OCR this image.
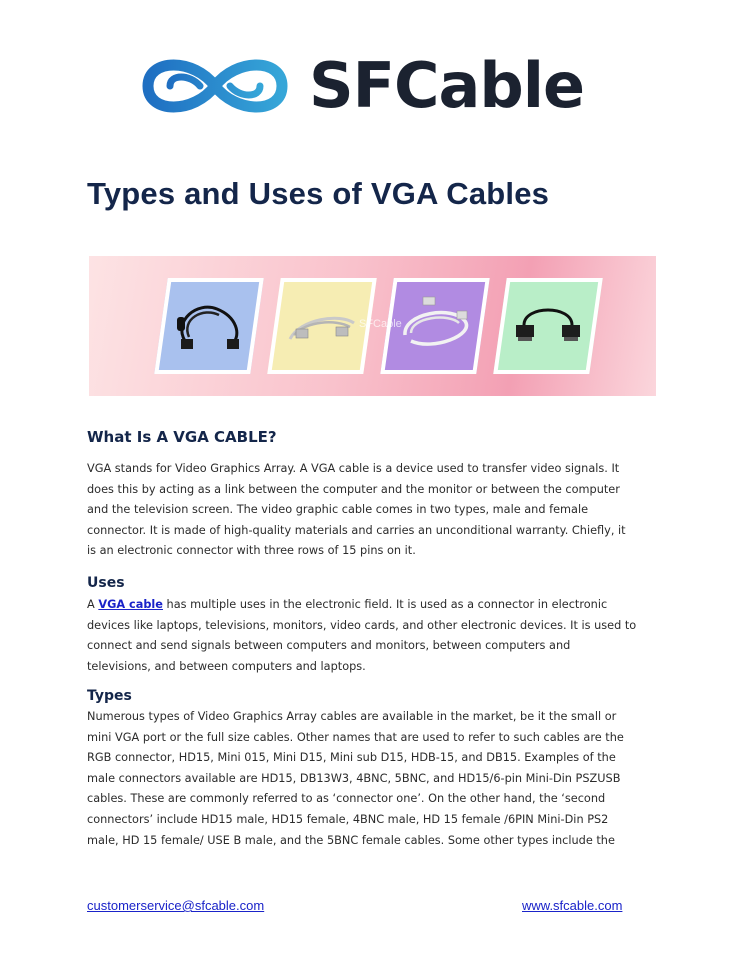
SFCable
Types and Uses of VGA Cables
SFCable
What Is A VGA CABLE?

VGA stands for Video Graphics Array. A VGA cable is a device used to transfer video signals. It
does this by acting as a link between the computer and the monitor or between the computer
and the television screen. The video graphic cable comes in two types, male and female
connector. It is made of high-quality materials and carries an unconditional warranty. Chiefly, it
is an electronic connector with three rows of 15 pins on it.

Uses

A VGA cable has multiple uses in the electronic field. It is used as a connector in electronic
devices like laptops, televisions, monitors, video cards, and other electronic devices. It is used to
connect and send signals between computers and monitors, between computers and
televisions, and between computers and laptops.

Types

Numerous types of Video Graphics Array cables are available in the market, be it the small or
mini VGA port or the full size cables. Other names that are used to refer to such cables are the
RGB connector, HD15, Mini 015, Mini D15, Mini sub D15, HDB-15, and DB15. Examples of the
male connectors available are HD15, DB13W3, 4BNC, 5BNC, and HD15/6-pin Mini-Din PSZUSB
cables. These are commonly referred to as ‘connector one’. On the other hand, the ‘second
connectors’ include HD15 male, HD15 female, 4BNC male, HD 15 female /6PIN Mini-Din PS2
male, HD 15 female/ USE B male, and the 5BNC female cables. Some other types include the

customerservice@sfcable.com	www.sfcable.com
